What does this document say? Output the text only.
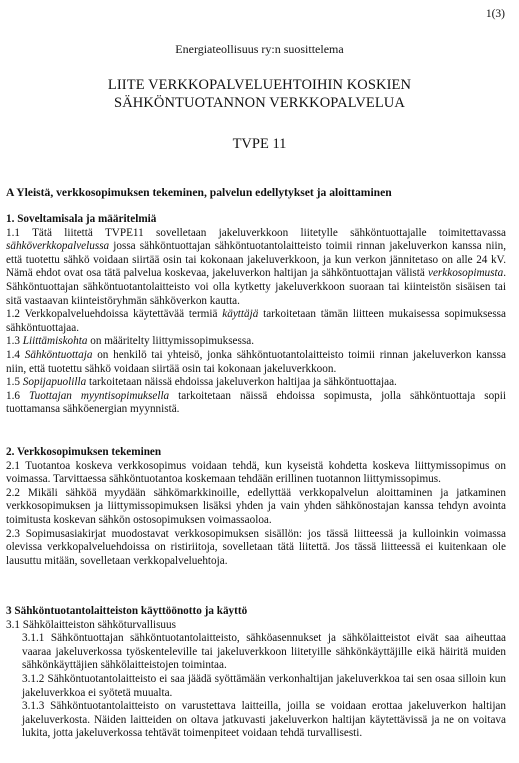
1(3)
Energiateollisuus ry:n suosittelema
LIITE VERKKOPALVELUEHTOIHIN KOSKIEN
SÄHKÖNTUOTANNON VERKKOPALVELUA
TVPE 11
A Yleistä, verkkosopimuksen tekeminen, palvelun edellytykset ja aloittaminen

1. Soveltamisala ja määritelmiä

1.1 Tätä liitettä TVPE11 sovelletaan jakeluverkkoon liitetylle sähköntuottajalle toimitettavassa sähköverkkopalvelussa jossa sähköntuottajan sähköntuotantolaitteisto toimii rinnan jakeluverkon kanssa niin, että tuotettu sähkö voidaan siirtää osin tai kokonaan jakeluverkkoon, ja kun verkon jännitetaso on alle 24 kV. Nämä ehdot ovat osa tätä palvelua koskevaa, jakeluverkon haltijan ja sähköntuottajan välistä verkkosopimusta. Sähköntuottajan sähköntuotantolaitteisto voi olla kytketty jakeluverkkoon suoraan tai kiinteistön sisäisen tai sitä vastaavan kiinteistöryhmän sähköverkon kautta.

1.2 Verkkopalveluehdoissa käytettävää termiä käyttäjä tarkoitetaan tämän liitteen mukaisessa sopimuksessa sähköntuottajaa.

1.3 Liittämiskohta on määritelty liittymissopimuksessa.

1.4 Sähköntuottaja on henkilö tai yhteisö, jonka sähköntuotantolaitteisto toimii rinnan jakeluverkon kanssa niin, että tuotettu sähkö voidaan siirtää osin tai kokonaan jakeluverkkoon.

1.5 Sopijapuolilla tarkoitetaan näissä ehdoissa jakeluverkon haltijaa ja sähköntuottajaa.

1.6 Tuottajan myyntisopimuksella tarkoitetaan näissä ehdoissa sopimusta, jolla sähköntuottaja sopii tuottamansa sähköenergian myynnistä.

2. Verkkosopimuksen tekeminen

2.1 Tuotantoa koskeva verkkosopimus voidaan tehdä, kun kyseistä kohdetta koskeva liittymissopimus on voimassa. Tarvittaessa sähköntuotantoa koskemaan tehdään erillinen tuotannon liittymissopimus.

2.2 Mikäli sähköä myydään sähkömarkkinoille, edellyttää verkkopalvelun aloittaminen ja jatkaminen verkkosopimuksen ja liittymissopimuksen lisäksi yhden ja vain yhden sähkönostajan kanssa tehdyn avointa toimitusta koskevan sähkön ostosopimuksen voimassaoloa.

2.3 Sopimusasiakirjat muodostavat verkkosopimuksen sisällön: jos tässä liitteessä ja kulloinkin voimassa olevissa verkkopalveluehdoissa on ristiriitoja, sovelletaan tätä liitettä. Jos tässä liitteessä ei kuitenkaan ole lausuttu mitään, sovelletaan verkkopalveluehtoja.

3 Sähköntuotantolaitteiston käyttöönotto ja käyttö

3.1 Sähkölaitteiston sähköturvallisuus

3.1.1 Sähköntuottajan sähköntuotantolaitteisto, sähköasennukset ja sähkölaitteistot eivät saa aiheuttaa vaaraa jakeluverkossa työskenteleville tai jakeluverkkoon liitetyille sähkönkäyttäjille eikä häiritä muiden sähkönkäyttäjien sähkölaitteistojen toimintaa.

3.1.2 Sähköntuotantolaitteisto ei saa jäädä syöttämään verkonhaltijan jakeluverkkoa tai sen osaa silloin kun jakeluverkkoa ei syötetä muualta.

3.1.3 Sähköntuotantolaitteisto on varustettava laitteilla, joilla se voidaan erottaa jakeluverkon haltijan jakeluverkosta. Näiden laitteiden on oltava jatkuvasti jakeluverkon haltijan käytettävissä ja ne on voitava lukita, jotta jakeluverkossa tehtävät toimenpiteet voidaan tehdä turvallisesti.
